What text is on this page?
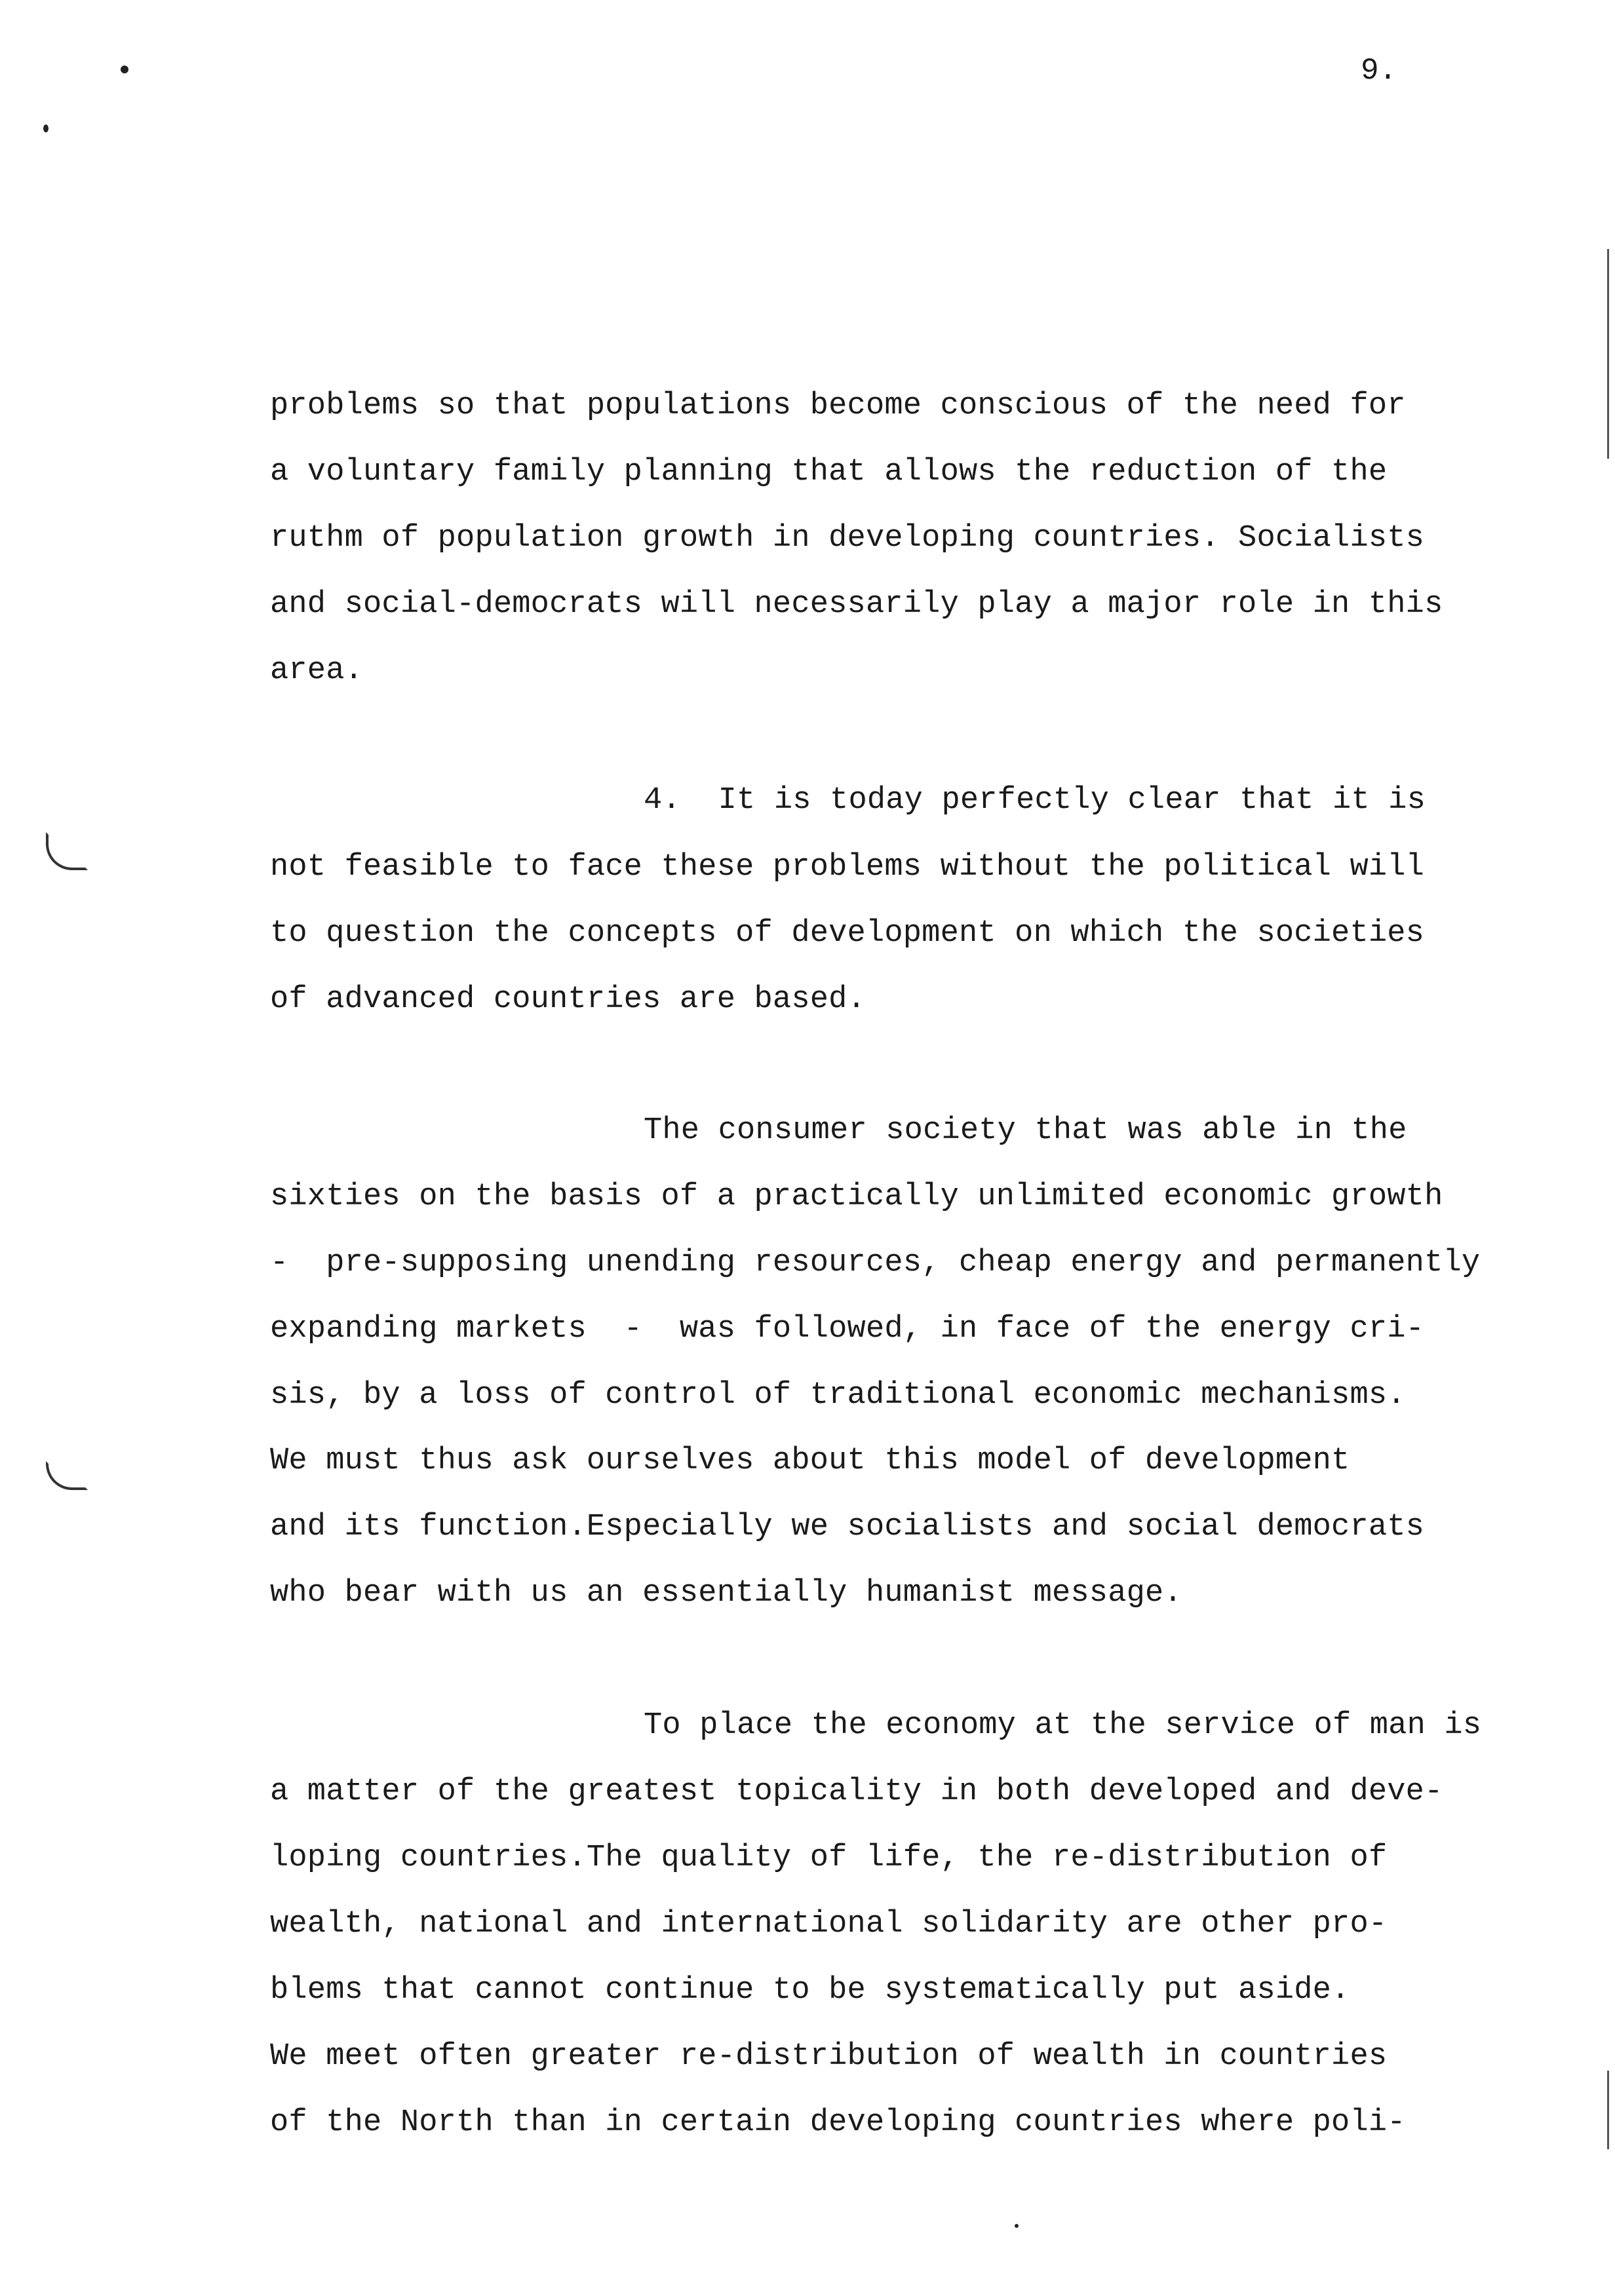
9.
problems so that populations become conscious of the need for
a voluntary family planning that allows the reduction of the
ruthm of population growth in developing countries. Socialists
and social-democrats will necessarily play a major role in this
area.
4.  It is today perfectly clear that it is
not feasible to face these problems without the political will
to question the concepts of development on which the societies
of advanced countries are based.
The consumer society that was able in the
sixties on the basis of a practically unlimited economic growth
-  pre-supposing unending resources, cheap energy and permanently
expanding markets  -  was followed, in face of the energy cri-
sis, by a loss of control of traditional economic mechanisms.
We must thus ask ourselves about this model of development
and its function.Especially we socialists and social democrats
who bear with us an essentially humanist message.
To place the economy at the service of man is
a matter of the greatest topicality in both developed and deve-
loping countries.The quality of life, the re-distribution of
wealth, national and international solidarity are other pro-
blems that cannot continue to be systematically put aside.
We meet often greater re-distribution of wealth in countries
of the North than in certain developing countries where poli-
